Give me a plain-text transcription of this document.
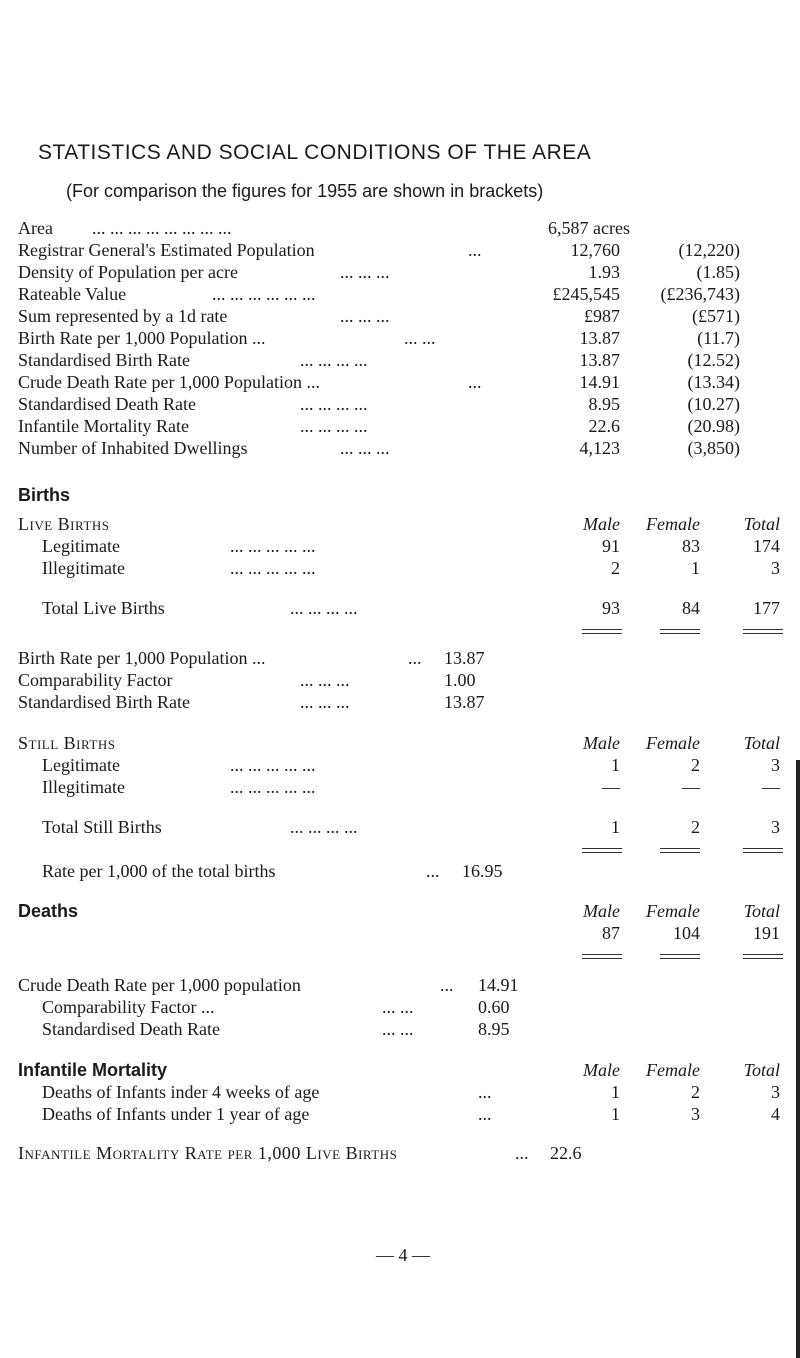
STATISTICS AND SOCIAL CONDITIONS OF THE AREA
(For comparison the figures for 1955 are shown in brackets)
Area ... ... ... ... ... ... ... ...	6,587 acres
Registrar General's Estimated Population	...	12,760	(12,220)
Density of Population per acre	... ... ...	1.93	(1.85)
Rateable Value	... ... ... ... ... ...	£245,545	(£236,743)
Sum represented by a 1d rate	... ... ...	£987	(£571)
Birth Rate per 1,000 Population ...	... ...	13.87	(11.7)
Standardised Birth Rate	... ... ... ...	13.87	(12.52)
Crude Death Rate per 1,000 Population ...	...	14.91	(13.34)
Standardised Death Rate	... ... ... ...	8.95	(10.27)
Infantile Mortality Rate	... ... ... ...	22.6	(20.98)
Number of Inhabited Dwellings	... ... ...	4,123	(3,850)
Births
Live Births	Male	Female	Total
Legitimate	... ... ... ... ...	91	83	174
Illegitimate	... ... ... ... ...	2	1	3
Total Live Births	... ... ... ...	93	84	177
Birth Rate per 1,000 Population ...	... 13.87
Comparability Factor	... ... ...	1.00
Standardised Birth Rate	... ... ...	13.87
Still Births	Male	Female	Total
Legitimate	... ... ... ... ...	1	2	3
Illegitimate	... ... ... ... ...	—	—	—
Total Still Births	... ... ... ...	1	2	3
Rate per 1,000 of the total births	... 16.95
Deaths	Male	Female	Total
87	104	191
Crude Death Rate per 1,000 population	... 14.91
Comparability Factor ...	... ...	0.60
Standardised Death Rate	... ...	8.95
Infantile Mortality	Male	Female	Total
Deaths of Infants inder 4 weeks of age	...	1	2	3
Deaths of Infants under 1 year of age	...	1	3	4
Infantile Mortality Rate per 1,000 Live Births	... 22.6
— 4 —
